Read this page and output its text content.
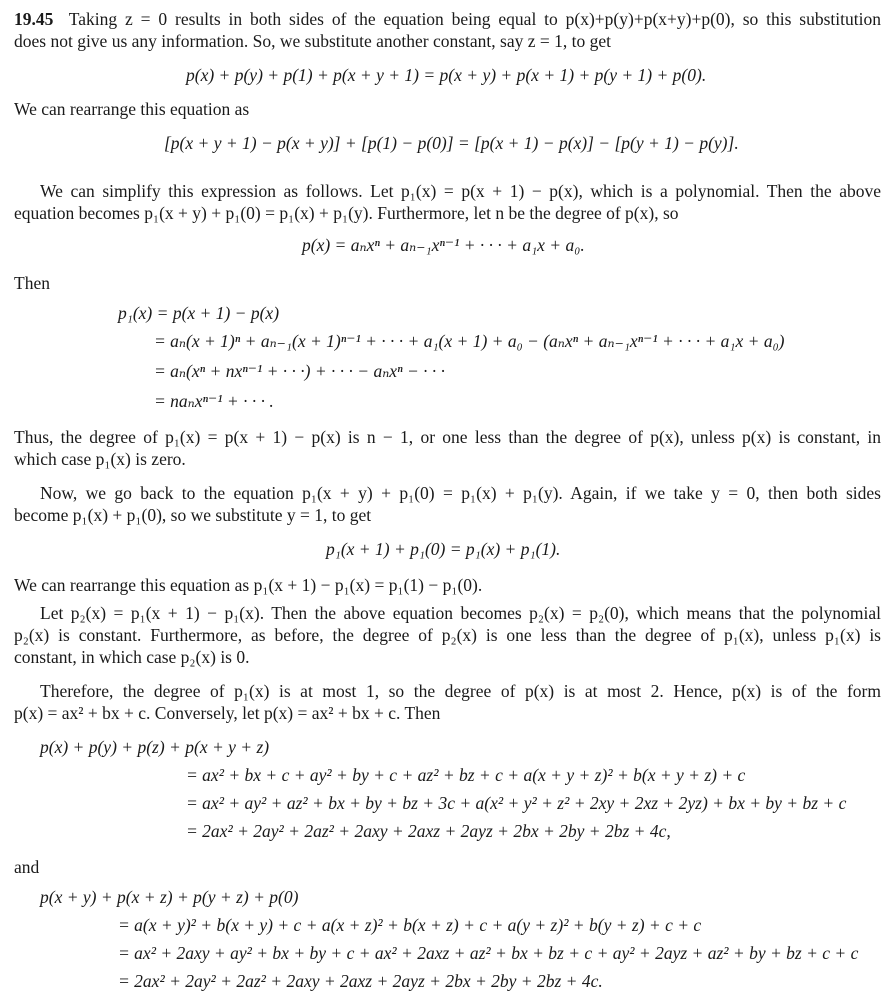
19.45 Taking z = 0 results in both sides of the equation being equal to p(x)+p(y)+p(x+y)+p(0), so this substitution
does not give us any information. So, we substitute another constant, say z = 1, to get
p(x) + p(y) + p(1) + p(x + y + 1) = p(x + y) + p(x + 1) + p(y + 1) + p(0).
We can rearrange this equation as
[p(x + y + 1) − p(x + y)] + [p(1) − p(0)] = [p(x + 1) − p(x)] − [p(y + 1) − p(y)].
We can simplify this expression as follows. Let p₁(x) = p(x + 1) − p(x), which is a polynomial. Then the above
equation becomes p₁(x + y) + p₁(0) = p₁(x) + p₁(y). Furthermore, let n be the degree of p(x), so
p(x) = aₙxⁿ + aₙ₋₁xⁿ⁻¹ + · · · + a₁x + a₀.
Then
p₁(x) = p(x + 1) − p(x)
= aₙ(x + 1)ⁿ + aₙ₋₁(x + 1)ⁿ⁻¹ + · · · + a₁(x + 1) + a₀ − (aₙxⁿ + aₙ₋₁xⁿ⁻¹ + · · · + a₁x + a₀)
= aₙ(xⁿ + nxⁿ⁻¹ + · · ·) + · · · − aₙxⁿ − · · ·
= naₙxⁿ⁻¹ + · · · .
Thus, the degree of p₁(x) = p(x + 1) − p(x) is n − 1, or one less than the degree of p(x), unless p(x) is constant, in
which case p₁(x) is zero.
Now, we go back to the equation p₁(x + y) + p₁(0) = p₁(x) + p₁(y). Again, if we take y = 0, then both sides
become p₁(x) + p₁(0), so we substitute y = 1, to get
p₁(x + 1) + p₁(0) = p₁(x) + p₁(1).
We can rearrange this equation as p₁(x + 1) − p₁(x) = p₁(1) − p₁(0).
Let p₂(x) = p₁(x + 1) − p₁(x). Then the above equation becomes p₂(x) = p₂(0), which means that the polynomial
p₂(x) is constant. Furthermore, as before, the degree of p₂(x) is one less than the degree of p₁(x), unless p₁(x) is
constant, in which case p₂(x) is 0.
Therefore, the degree of p₁(x) is at most 1, so the degree of p(x) is at most 2. Hence, p(x) is of the form
p(x) = ax² + bx + c. Conversely, let p(x) = ax² + bx + c. Then
p(x) + p(y) + p(z) + p(x + y + z)
= ax² + bx + c + ay² + by + c + az² + bz + c + a(x + y + z)² + b(x + y + z) + c
= ax² + ay² + az² + bx + by + bz + 3c + a(x² + y² + z² + 2xy + 2xz + 2yz) + bx + by + bz + c
= 2ax² + 2ay² + 2az² + 2axy + 2axz + 2ayz + 2bx + 2by + 2bz + 4c,
and
p(x + y) + p(x + z) + p(y + z) + p(0)
= a(x + y)² + b(x + y) + c + a(x + z)² + b(x + z) + c + a(y + z)² + b(y + z) + c + c
= ax² + 2axy + ay² + bx + by + c + ax² + 2axz + az² + bx + bz + c + ay² + 2ayz + az² + by + bz + c + c
= 2ax² + 2ay² + 2az² + 2axy + 2axz + 2ayz + 2bx + 2by + 2bz + 4c.
